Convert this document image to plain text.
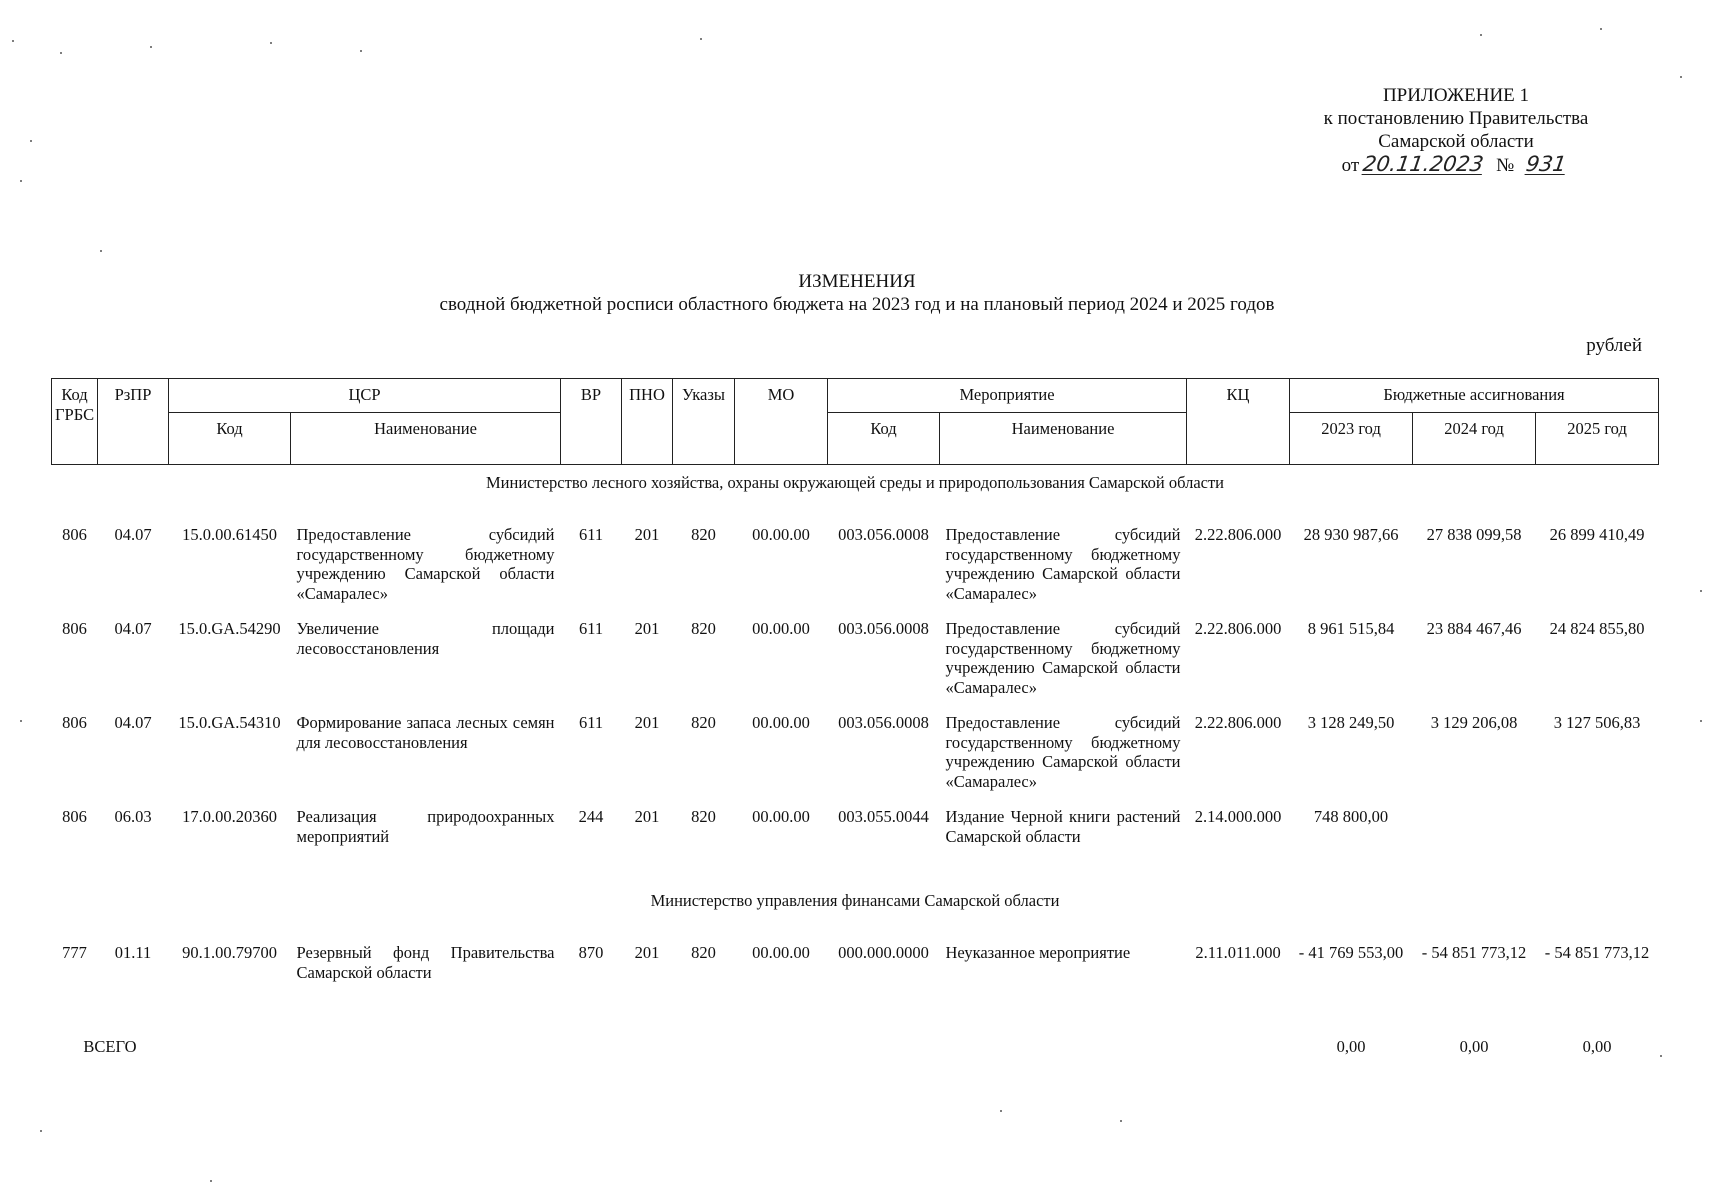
ПРИЛОЖЕНИЕ 1
к постановлению Правительства
Самарской области
от 20.11.2023 № 931
ИЗМЕНЕНИЯ
сводной бюджетной росписи областного бюджета на 2023 год и на плановый период 2024 и 2025 годов
рублей
Код ГРБС	РзПР	ЦСР		ВР	ПНО	Указы	МО	Мероприятие		КЦ	Бюджетные ассигнования		
		Код	Наименование					Код	Наименование		2023 год	2024 год	2025 год
Министерство лесного хозяйства, охраны окружающей среды и природопользования Самарской области													
806	04.07	15.0.00.61450	Предоставление субсидий государственному бюджетному учреждению Самарской области «Самаралес»	611	201	820	00.00.00	003.056.0008	Предоставление субсидий государственному бюджетному учреждению Самарской области «Самаралес»	2.22.806.000	28 930 987,66	27 838 099,58	26 899 410,49
806	04.07	15.0.GA.54290	Увеличение площади лесовосстановления	611	201	820	00.00.00	003.056.0008	Предоставление субсидий государственному бюджетному учреждению Самарской области «Самаралес»	2.22.806.000	8 961 515,84	23 884 467,46	24 824 855,80
806	04.07	15.0.GA.54310	Формирование запаса лесных семян для лесовосстановления	611	201	820	00.00.00	003.056.0008	Предоставление субсидий государственному бюджетному учреждению Самарской области «Самаралес»	2.22.806.000	3 128 249,50	3 129 206,08	3 127 506,83
806	06.03	17.0.00.20360	Реализация природоохранных мероприятий	244	201	820	00.00.00	003.055.0044	Издание Черной книги растений Самарской области	2.14.000.000	748 800,00		
Министерство управления финансами Самарской области													
777	01.11	90.1.00.79700	Резервный фонд Правительства Самарской области	870	201	820	00.00.00	000.000.0000	Неуказанное мероприятие	2.11.011.000	- 41 769 553,00	- 54 851 773,12	- 54 851 773,12
ВСЕГО											0,00	0,00	0,00
